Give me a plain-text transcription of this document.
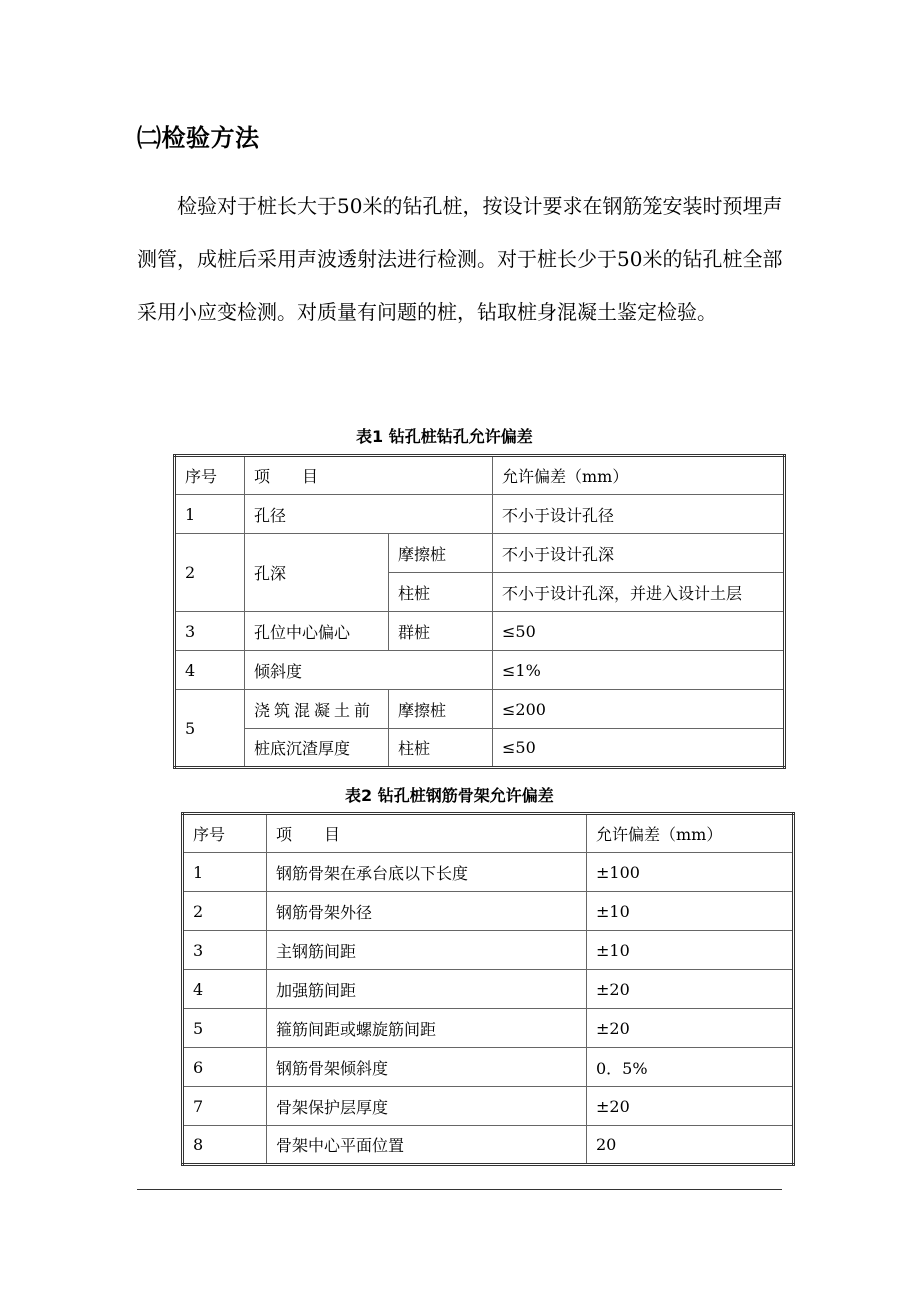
㈡检验方法

检验对于桩长大于50米的钻孔桩，按设计要求在钢筋笼安装时预埋声测管，成桩后采用声波透射法进行检测。对于桩长少于50米的钻孔桩全部采用小应变检测。对质量有问题的桩，钻取桩身混凝土鉴定检验。

表1 钻孔桩钻孔允许偏差
序号	项　　目		允许偏差（mm）
1	孔径		不小于设计孔径
2	孔深	摩擦桩	不小于设计孔深
		柱桩	不小于设计孔深，并进入设计土层
3	孔位中心偏心	群桩	≤50
4	倾斜度		≤1%
5	浇筑混凝土前	摩擦桩	≤200
	桩底沉渣厚度	柱桩	≤50
表2 钻孔桩钢筋骨架允许偏差
序号	项　　目	允许偏差（mm）
1	钢筋骨架在承台底以下长度	±100
2	钢筋骨架外径	±10
3	主钢筋间距	±10
4	加强筋间距	±20
5	箍筋间距或螺旋筋间距	±20
6	钢筋骨架倾斜度	0．5%
7	骨架保护层厚度	±20
8	骨架中心平面位置	20
